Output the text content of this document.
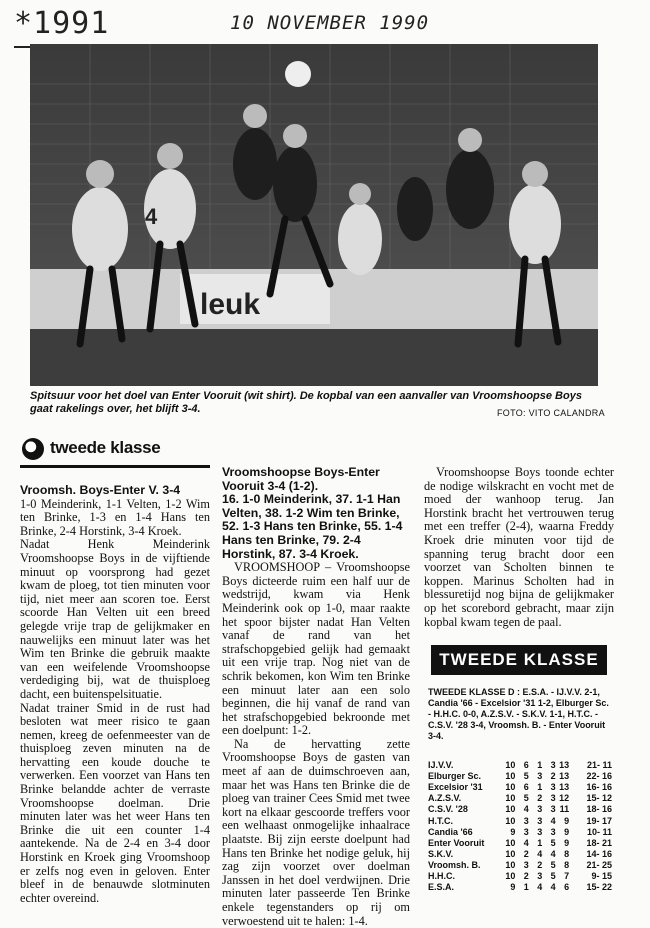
*1991	10 NOVEMBER 1990
leuk
4
Spitsuur voor het doel van Enter Vooruit (wit shirt). De kopbal van een aanvaller van Vroomshoopse Boys gaat rakelings over, het blijft 3-4.	FOTO: VITO CALANDRA
tweede klasse

Vroomsh. Boys-Enter V. 3-4

1-0 Meinderink, 1-1 Velten, 1-2 Wim ten Brinke, 1-3 en 1-4 Hans ten Brinke, 2-4 Horstink, 3-4 Kroek.

Nadat Henk Meinderink Vroomshoopse Boys in de vijftiende minuut op voorsprong had gezet kwam de ploeg, tot tien minuten voor tijd, niet meer aan scoren toe. Eerst scoorde Han Velten uit een breed gelegde vrije trap de gelijkmaker en nauwelijks een minuut later was het Wim ten Brinke die gebruik maakte van een weifelende Vroomshoopse verdediging bij, wat de thuisploeg dacht, een buitenspelsituatie.

Nadat trainer Smid in de rust had besloten wat meer risico te gaan nemen, kreeg de oefenmeester van de thuisploeg zeven minuten na de hervatting een koude douche te verwerken. Een voorzet van Hans ten Brinke belandde achter de verraste Vroomshoopse doelman. Drie minuten later was het weer Hans ten Brinke die uit een counter 1-4 aantekende. Na de 2-4 en 3-4 door Horstink en Kroek ging Vroomshoop er zelfs nog even in geloven. Enter bleef in de benauwde slotminuten echter overeind.

Vroomshoopse Boys-Enter Vooruit 3-4 (1-2).

16. 1-0 Meinderink, 37. 1-1 Han Velten, 38. 1-2 Wim ten Brinke, 52. 1-3 Hans ten Brinke, 55. 1-4 Hans ten Brinke, 79. 2-4 Horstink, 87. 3-4 Kroek.

VROOMSHOOP – Vroomshoopse Boys dicteerde ruim een half uur de wedstrijd, kwam via Henk Meinderink ook op 1-0, maar raakte het spoor bijster nadat Han Velten vanaf de rand van het strafschopgebied gelijk had gemaakt uit een vrije trap. Nog niet van de schrik bekomen, kon Wim ten Brinke een minuut later aan een solo beginnen, die hij vanaf de rand van het strafschopgebied bekroonde met een doelpunt: 1-2.

Na de hervatting zette Vroomshoopse Boys de gasten van meet af aan de duimschroeven aan, maar het was Hans ten Brinke die de ploeg van trainer Cees Smid met twee kort na elkaar gescoorde treffers voor een welhaast onmogelijke inhaalrace plaatste. Bij zijn eerste doelpunt had Hans ten Brinke het nodige geluk, hij zag zijn voorzet over doelman Janssen in het doel verdwijnen. Drie minuten later passeerde Ten Brinke enkele tegenstanders op rij om verwoestend uit te halen: 1-4.

Vroomshoopse Boys toonde echter de nodige wilskracht en vocht met de moed der wanhoop terug. Jan Horstink bracht het vertrouwen terug met een treffer (2-4), waarna Freddy Kroek drie minuten voor tijd de spanning terug bracht door een voorzet van Scholten binnen te koppen. Marinus Scholten had in blessuretijd nog bijna de gelijkmaker op het scorebord gebracht, maar zijn kopbal kwam tegen de paal.

TWEEDE KLASSE
TWEEDE KLASSE D : E.S.A. - IJ.V.V. 2-1, Candia '66 - Excelsior '31 1-2, Elburger Sc. - H.H.C. 0-0, A.Z.S.V. - S.K.V. 1-1, H.T.C. - C.S.V. '28 3-4, Vroomsh. B. - Enter Vooruit 3-4.
IJ.V.V.	10	6	1	3	13	21- 11
Elburger Sc.	10	5	3	2	13	22- 16
Excelsior '31	10	6	1	3	13	16- 16
A.Z.S.V.	10	5	2	3	12	15- 12
C.S.V. '28	10	4	3	3	11	18- 16
H.T.C.	10	3	3	4	9	19- 17
Candia '66	9	3	3	3	9	10- 11
Enter Vooruit	10	4	1	5	9	18- 21
S.K.V.	10	2	4	4	8	14- 16
Vroomsh. B.	10	3	2	5	8	21- 25
H.H.C.	10	2	3	5	7	9- 15
E.S.A.	9	1	4	4	6	15- 22
